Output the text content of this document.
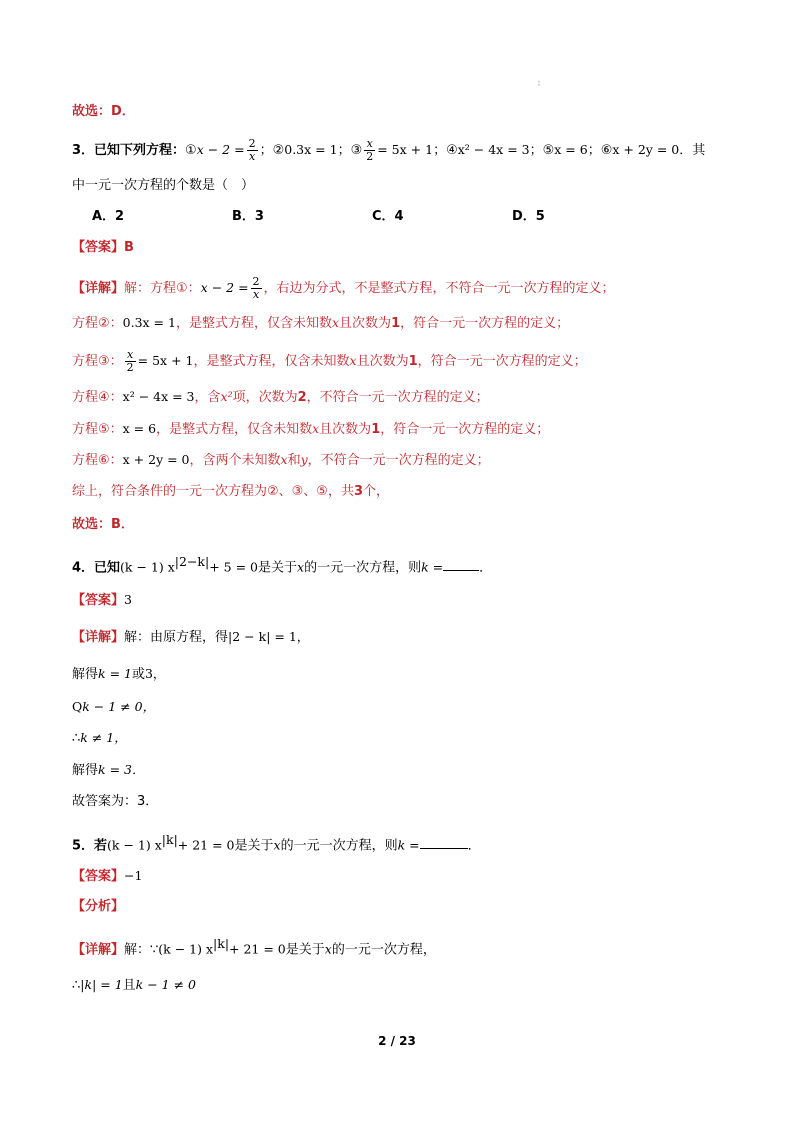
¦
故选：D．
3．已知下列方程：①x − $2 = \frac{2}{x}$ ；②0.3x = 1；③ $\frac{x}{2} = 5x + 1$；④x² − 4x = 3；⑤x = 6；⑥x + 2y = 0．其
中一元一次方程的个数是（　）
A．2	B．3	C．4	D．5
【答案】B
【详解】解：方程①：$x - 2 = \frac{2}{x}$ ，右边为分式，不是整式方程，不符合一元一次方程的定义；
方程②：0.3x = 1，是整式方程，仅含未知数x且次数为1，符合一元一次方程的定义；
方程③： $\frac{x}{2} = 5x + 1$，是整式方程，仅含未知数x且次数为1，符合一元一次方程的定义；
方程④：x² − 4x = 3，含x²项，次数为2，不符合一元一次方程的定义；
方程⑤：x = 6，是整式方程，仅含未知数x且次数为1，符合一元一次方程的定义；
方程⑥：x + 2y = 0，含两个未知数x和y，不符合一元一次方程的定义；
综上，符合条件的一元一次方程为②、③、⑤，共3个，
故选：B．
4．已知(k − 1) $x^{|2-k|}+ 5 = 0$是关于x的一元一次方程，则k =	．
【答案】3
【详解】解：由原方程，得|2 − k| = 1，
解得k = 1或3，
Qk − 1 ≠ 0，
∴k ≠ 1，
解得k = 3．
故答案为：3．
5．若(k − 1) $x^{|k|}+ 21 = 0$是关于x的一元一次方程，则k =	．
【答案】−1
【分析】
【详解】解：∵(k − 1) $x^{|k|}+ 21 = 0$是关于x的一元一次方程，
∴|k| = 1且k − 1 ≠ 0
2 / 23
